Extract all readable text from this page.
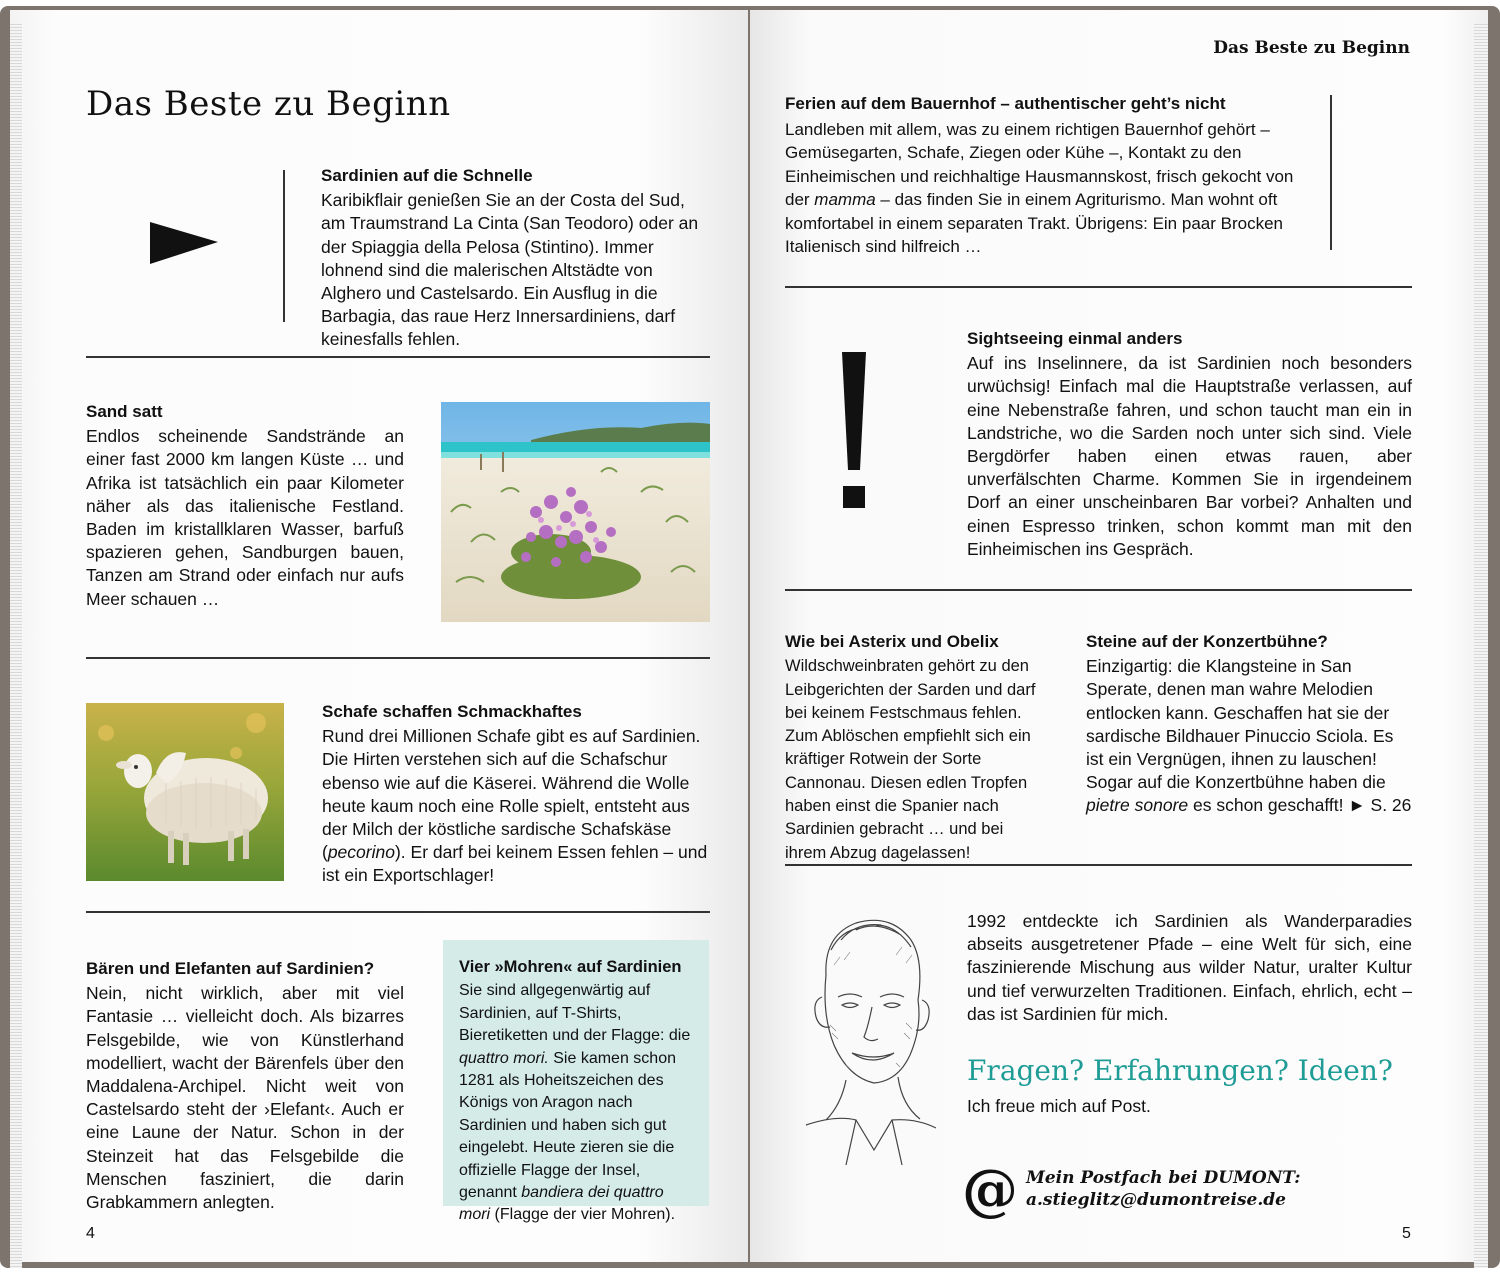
Das Beste zu Beginn
Sardinien auf die Schnelle
Karibikflair genießen Sie an der Costa del Sud, am Traumstrand La Cinta (San Teodoro) oder an der Spiaggia della Pelosa (Stintino). Immer lohnend sind die malerischen Altstädte von Alghero und Castelsardo. Ein Ausflug in die Barbagia, das raue Herz Innersardiniens, darf keinesfalls fehlen.
Sand satt
Endlos scheinende Sandstrände an einer fast 2000 km langen Küste … und Afrika ist tatsächlich ein paar Kilometer näher als das italienische Festland. Baden im kristallklaren Wasser, barfuß spazieren gehen, Sandburgen bauen, Tanzen am Strand oder einfach nur aufs Meer schauen …
Schafe schaffen Schmackhaftes
Rund drei Millionen Schafe gibt es auf Sardinien. Die Hirten verstehen sich auf die Schafschur ebenso wie auf die Käserei. Während die Wolle heute kaum noch eine Rolle spielt, entsteht aus der Milch der köstliche sardische Schafskäse (pecorino). Er darf bei keinem Essen fehlen – und ist ein Exportschlager!
Bären und Elefanten auf Sardinien?
Nein, nicht wirklich, aber mit viel Fantasie … vielleicht doch. Als bizarres Felsgebilde, wie von Künstlerhand modelliert, wacht der Bärenfels über den Maddalena-Archipel. Nicht weit von Castelsardo steht der ›Elefant‹. Auch er eine Laune der Natur. Schon in der Steinzeit hat das Felsgebilde die Menschen fasziniert, die darin Grabkammern anlegten.
Vier »Mohren« auf Sardinien
Sie sind allgegenwärtig auf Sardinien, auf T-Shirts, Bieretiketten und der Flagge: die quattro mori. Sie kamen schon 1281 als Hoheitszeichen des Königs von Aragon nach Sardinien und haben sich gut eingelebt. Heute zieren sie die offizielle Flagge der Insel, genannt bandiera dei quattro mori (Flagge der vier Mohren).
4
Das Beste zu Beginn
Ferien auf dem Bauernhof – authentischer geht’s nicht
Landleben mit allem, was zu einem richtigen Bauernhof gehört – Gemüsegarten, Schafe, Ziegen oder Kühe –, Kontakt zu den Einheimischen und reichhaltige Hausmannskost, frisch gekocht von der mamma – das finden Sie in einem Agriturismo. Man wohnt oft komfortabel in einem separaten Trakt. Übrigens: Ein paar Brocken Italienisch sind hilfreich …
Sightseeing einmal anders
Auf ins Inselinnere, da ist Sardinien noch besonders urwüchsig! Einfach mal die Hauptstraße verlassen, auf eine Nebenstraße fahren, und schon taucht man ein in Landstriche, wo die Sarden noch unter sich sind. Viele Bergdörfer haben einen etwas rauen, aber unverfälschten Charme. Kommen Sie in irgendeinem Dorf an einer unscheinbaren Bar vorbei? Anhalten und einen Espresso trinken, schon kommt man mit den Einheimischen ins Gespräch.
Wie bei Asterix und Obelix
Wildschweinbraten gehört zu den Leibgerichten der Sarden und darf bei keinem Festschmaus fehlen. Zum Ablöschen empfiehlt sich ein kräftiger Rotwein der Sorte Cannonau. Diesen edlen Tropfen haben einst die Spanier nach Sardinien gebracht … und bei ihrem Abzug dagelassen!
Steine auf der Konzertbühne?
Einzigartig: die Klangsteine in San Sperate, denen man wahre Melodien entlocken kann. Geschaffen hat sie der sardische Bildhauer Pinuccio Sciola. Es ist ein Vergnügen, ihnen zu lauschen! Sogar auf die Konzertbühne haben die pietre sonore es schon geschafft! ► S. 26
1992 entdeckte ich Sardinien als Wanderparadies abseits ausgetretener Pfade – eine Welt für sich, eine faszinierende Mischung aus wilder Natur, uralter Kultur und tief verwurzelten Traditionen. Einfach, ehrlich, echt – das ist Sardinien für mich.
Fragen? Erfahrungen? Ideen?
Ich freue mich auf Post.
@ Mein Postfach bei DUMONT:
a.stieglitz@dumontreise.de
5
